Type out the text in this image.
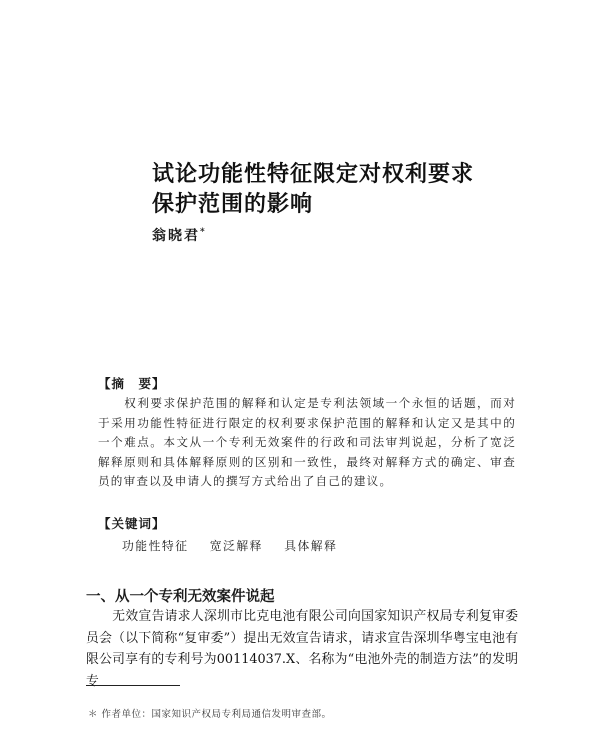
试论功能性特征限定对权利要求
保护范围的影响
翁晓君*
【摘　要】
权利要求保护范围的解释和认定是专利法领域一个永恒的话题，而对于采用功能性特征进行限定的权利要求保护范围的解释和认定又是其中的一个难点。本文从一个专利无效案件的行政和司法审判说起，分析了宽泛解释原则和具体解释原则的区别和一致性，最终对解释方式的确定、审查员的审查以及申请人的撰写方式给出了自己的建议。
【关键词】
功能性特征 宽泛解释 具体解释
一、从一个专利无效案件说起
无效宣告请求人深圳市比克电池有限公司向国家知识产权局专利复审委员会（以下简称“复审委”）提出无效宣告请求，请求宣告深圳华粤宝电池有限公司享有的专利号为00114037.X、名称为“电池外壳的制造方法”的发明专
＊ 作者单位：国家知识产权局专利局通信发明审查部。
